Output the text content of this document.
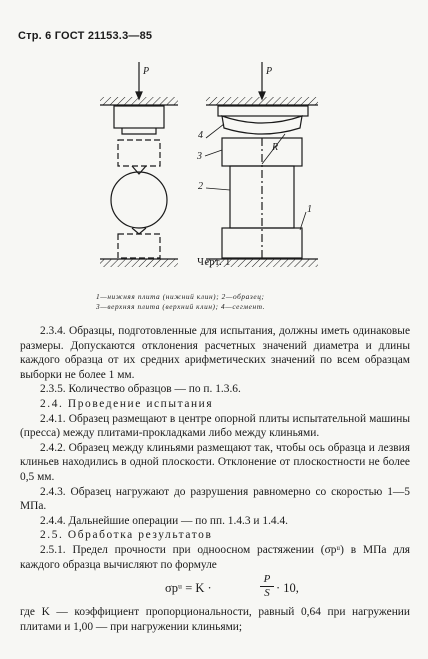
Стр. 6 ГОСТ 21153.3—85
P	P
4
3
2
1
R
Черт. 1
1—нижняя плита (нижний клин); 2—образец;
3—верхняя плита (верхний клин); 4—сегмент.

2.3.4. Образцы, подготовленные для испытания, должны иметь одинаковые размеры. Допускаются отклонения расчетных значений диаметра и длины каждого образца от их средних арифметических значений по всем образцам выборки не более 1 мм.

2.3.5. Количество образцов — по п. 1.3.6.

2.4. Проведение испытания

2.4.1. Образец размещают в центре опорной плиты испытательной машины (пресса) между плитами-прокладками либо между клиньями.

2.4.2. Образец между клиньями размещают так, чтобы ось образца и лезвия клиньев находились в одной плоскости. Отклонение от плоскостности не более 0,5 мм.

2.4.3. Образец нагружают до разрушения равномерно со скоростью 1—5 МПа.

2.4.4. Дальнейшие операции — по пп. 1.4.3 и 1.4.4.

2.5. Обработка результатов

2.5.1. Предел прочности при одноосном растяжении (σpᵘ) в МПа для каждого образца вычисляют по формуле

σpᵘ = K ·	$\frac{P}{S} \cdot 10$,

где K — коэффициент пропорциональности, равный 0,64 при нагружении плитами и 1,00 — при нагружении клиньями;
